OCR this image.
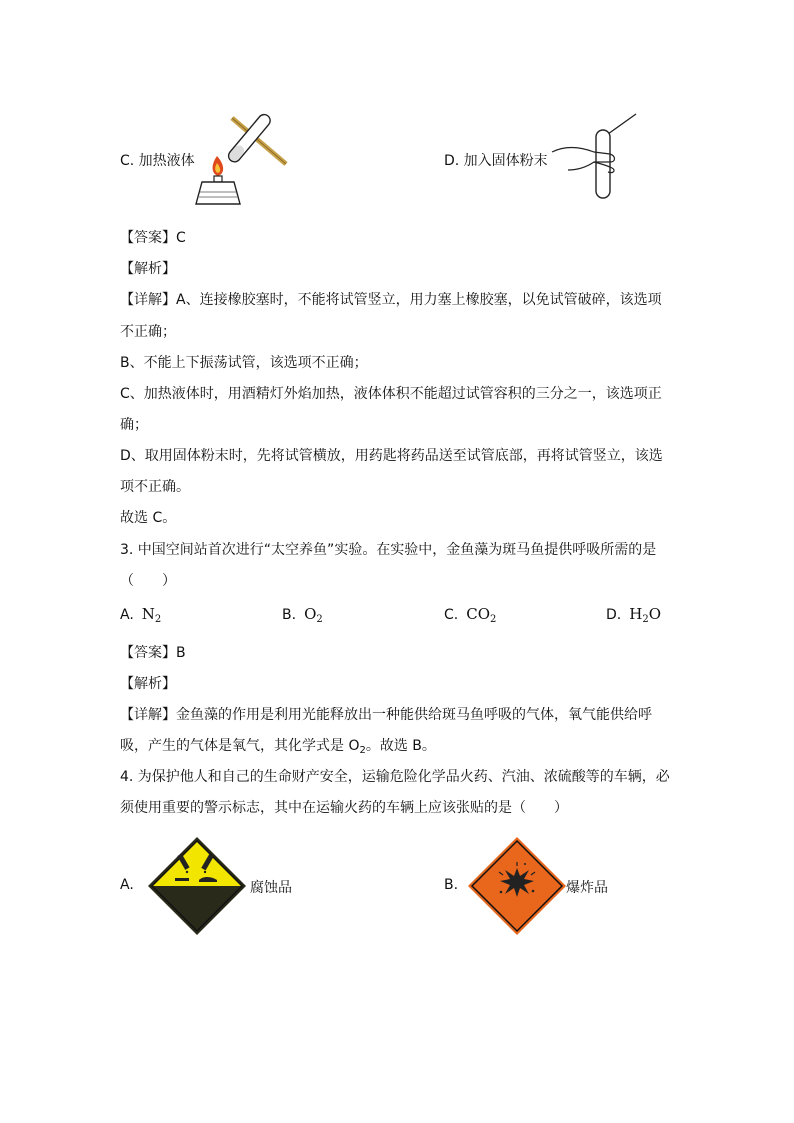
C. 加热液体	D. 加入固体粉末
【答案】C
【解析】
【详解】A、连接橡胶塞时，不能将试管竖立，用力塞上橡胶塞，以免试管破碎，该选项
不正确；
B、不能上下振荡试管，该选项不正确；
C、加热液体时，用酒精灯外焰加热，液体体积不能超过试管容积的三分之一，该选项正
确；
D、取用固体粉末时，先将试管横放，用药匙将药品送至试管底部，再将试管竖立，该选
项不正确。
故选 C。
3. 中国空间站首次进行“太空养鱼”实验。在实验中，金鱼藻为斑马鱼提供呼吸所需的是
（　　）
A. $N_2$	B. $O_2$	C. $CO_2$	D. $H_2O$
【答案】B
【解析】
【详解】金鱼藻的作用是利用光能释放出一种能供给斑马鱼呼吸的气体，氧气能供给呼
吸，产生的气体是氧气，其化学式是 $O_2$。故选 B。
4. 为保护他人和自己的生命财产安全，运输危险化学品火药、汽油、浓硫酸等的车辆，必
须使用重要的警示标志，其中在运输火药的车辆上应该张贴的是（　　）
A.	腐蚀品	B.	爆炸品
